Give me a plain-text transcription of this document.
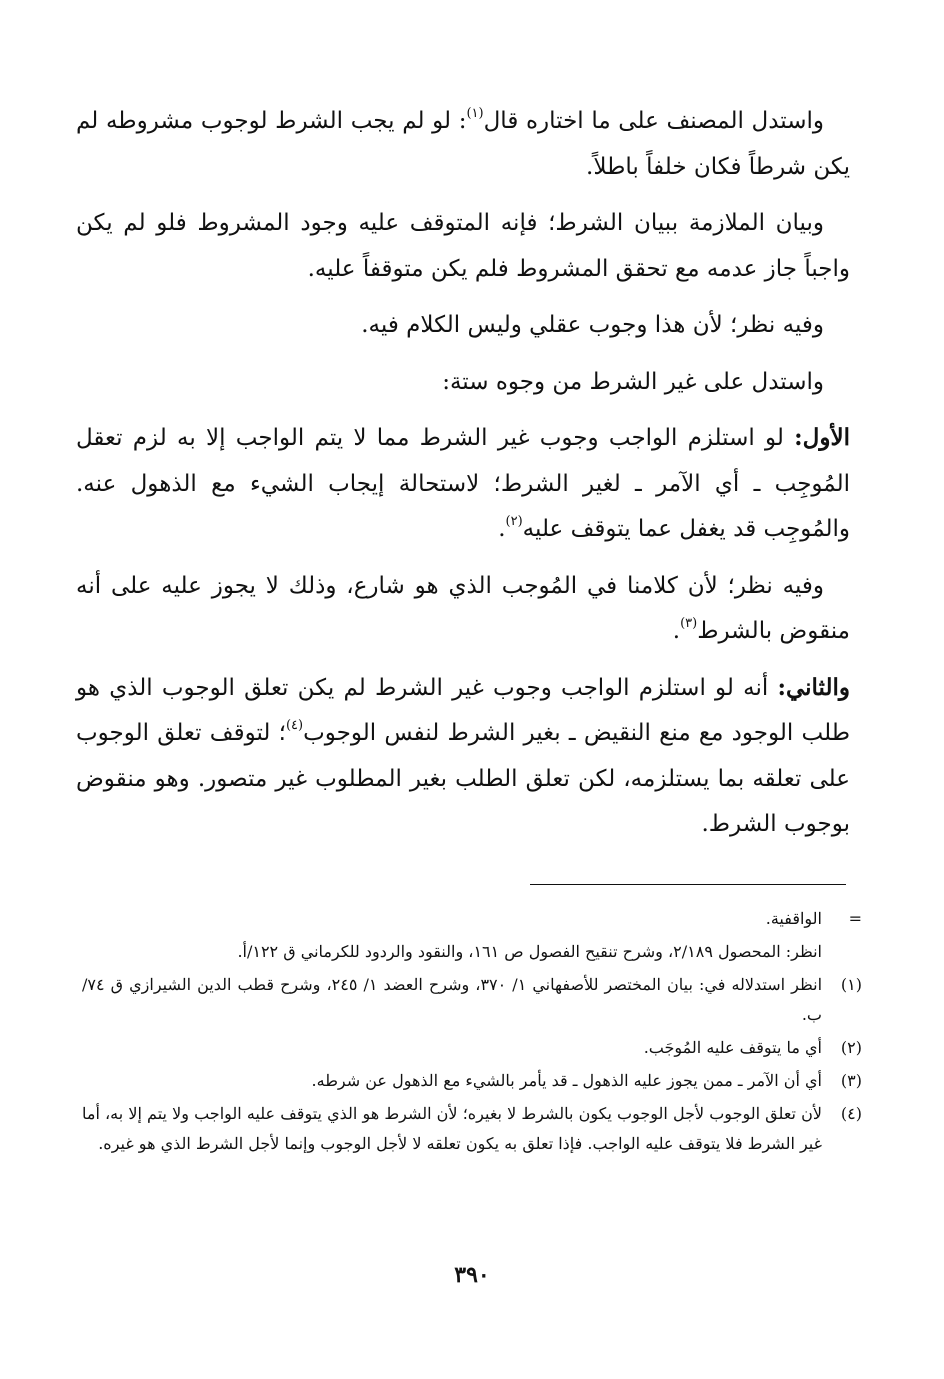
واستدل المصنف على ما اختاره قال$^{(١)}$: لو لم يجب الشرط لوجوب مشروطه لم يكن شرطاً فكان خلفاً باطلاً.

وبيان الملازمة ببيان الشرط؛ فإنه المتوقف عليه وجود المشروط فلو لم يكن واجباً جاز عدمه مع تحقق المشروط فلم يكن متوقفاً عليه.

وفيه نظر؛ لأن هذا وجوب عقلي وليس الكلام فيه.

واستدل على غير الشرط من وجوه ستة:

الأول: لو استلزم الواجب وجوب غير الشرط مما لا يتم الواجب إلا به لزم تعقل المُوجِب ـ أي الآمر ـ لغير الشرط؛ لاستحالة إيجاب الشيء مع الذهول عنه. والمُوجِب قد يغفل عما يتوقف عليه$^{(٢)}$.

وفيه نظر؛ لأن كلامنا في المُوجب الذي هو شارع، وذلك لا يجوز عليه على أنه منقوض بالشرط$^{(٣)}$.

والثاني: أنه لو استلزم الواجب وجوب غير الشرط لم يكن تعلق الوجوب الذي هو طلب الوجود مع منع النقيض ـ بغير الشرط لنفس الوجوب$^{(٤)}$؛ لتوقف تعلق الوجوب على تعلقه بما يستلزمه، لكن تعلق الطلب بغير المطلوب غير متصور. وهو منقوض بوجوب الشرط.

=
الواقفية.
انظر: المحصول ٢/١٨٩، وشرح تنقيح الفصول ص ١٦١، والنقود والردود للكرماني ق ١٢٢/أ.
(١)
انظر استدلاله في: بيان المختصر للأصفهاني ١/ ٣٧٠، وشرح العضد ١/ ٢٤٥، وشرح قطب الدين الشيرازي ق ٧٤/ب.
(٢)
أي ما يتوقف عليه المُوجَب.
(٣)
أي أن الآمر ـ ممن يجوز عليه الذهول ـ قد يأمر بالشيء مع الذهول عن شرطه.
(٤)
لأن تعلق الوجوب لأجل الوجوب يكون بالشرط لا بغيره؛ لأن الشرط هو الذي يتوقف عليه الواجب ولا يتم إلا به، أما غير الشرط فلا يتوقف عليه الواجب. فإذا تعلق به يكون تعلقه لا لأجل الوجوب وإنما لأجل الشرط الذي هو غيره.
٣٩٠
